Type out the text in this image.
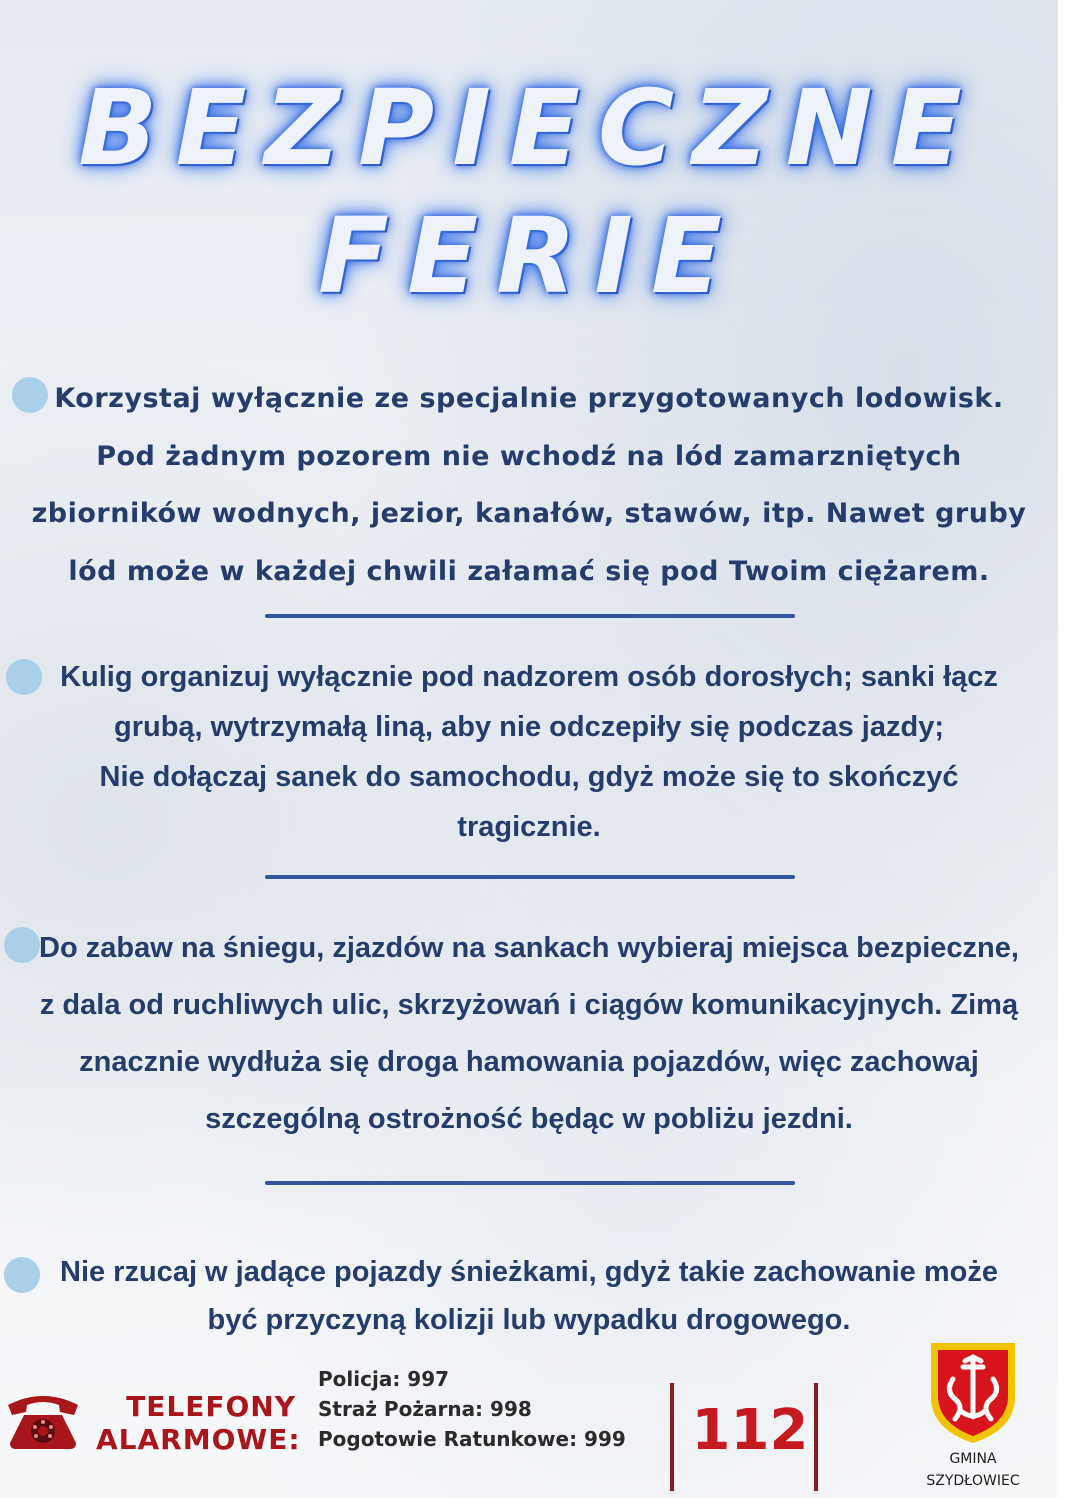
BEZPIECZNE
FERIE
Korzystaj wyłącznie ze specjalnie przygotowanych lodowisk.
Pod żadnym pozorem nie wchodź na lód zamarzniętych
zbiorników wodnych, jezior, kanałów, stawów, itp. Nawet gruby
lód może w każdej chwili załamać się pod Twoim ciężarem.
Kulig organizuj wyłącznie pod nadzorem osób dorosłych; sanki łącz
grubą, wytrzymałą liną, aby nie odczepiły się podczas jazdy;
Nie dołączaj sanek do samochodu, gdyż może się to skończyć
tragicznie.
Do zabaw na śniegu, zjazdów na sankach wybieraj miejsca bezpieczne,
z dala od ruchliwych ulic, skrzyżowań i ciągów komunikacyjnych. Zimą
znacznie wydłuża się droga hamowania pojazdów, więc zachowaj
szczególną ostrożność będąc w pobliżu jezdni.
Nie rzucaj w jadące pojazdy śnieżkami, gdyż takie zachowanie może
być przyczyną kolizji lub wypadku drogowego.
TELEFONY
ALARMOWE:
Policja: 997
Straż Pożarna: 998
Pogotowie Ratunkowe: 999 112	GMINA
SZYDŁOWIEC
